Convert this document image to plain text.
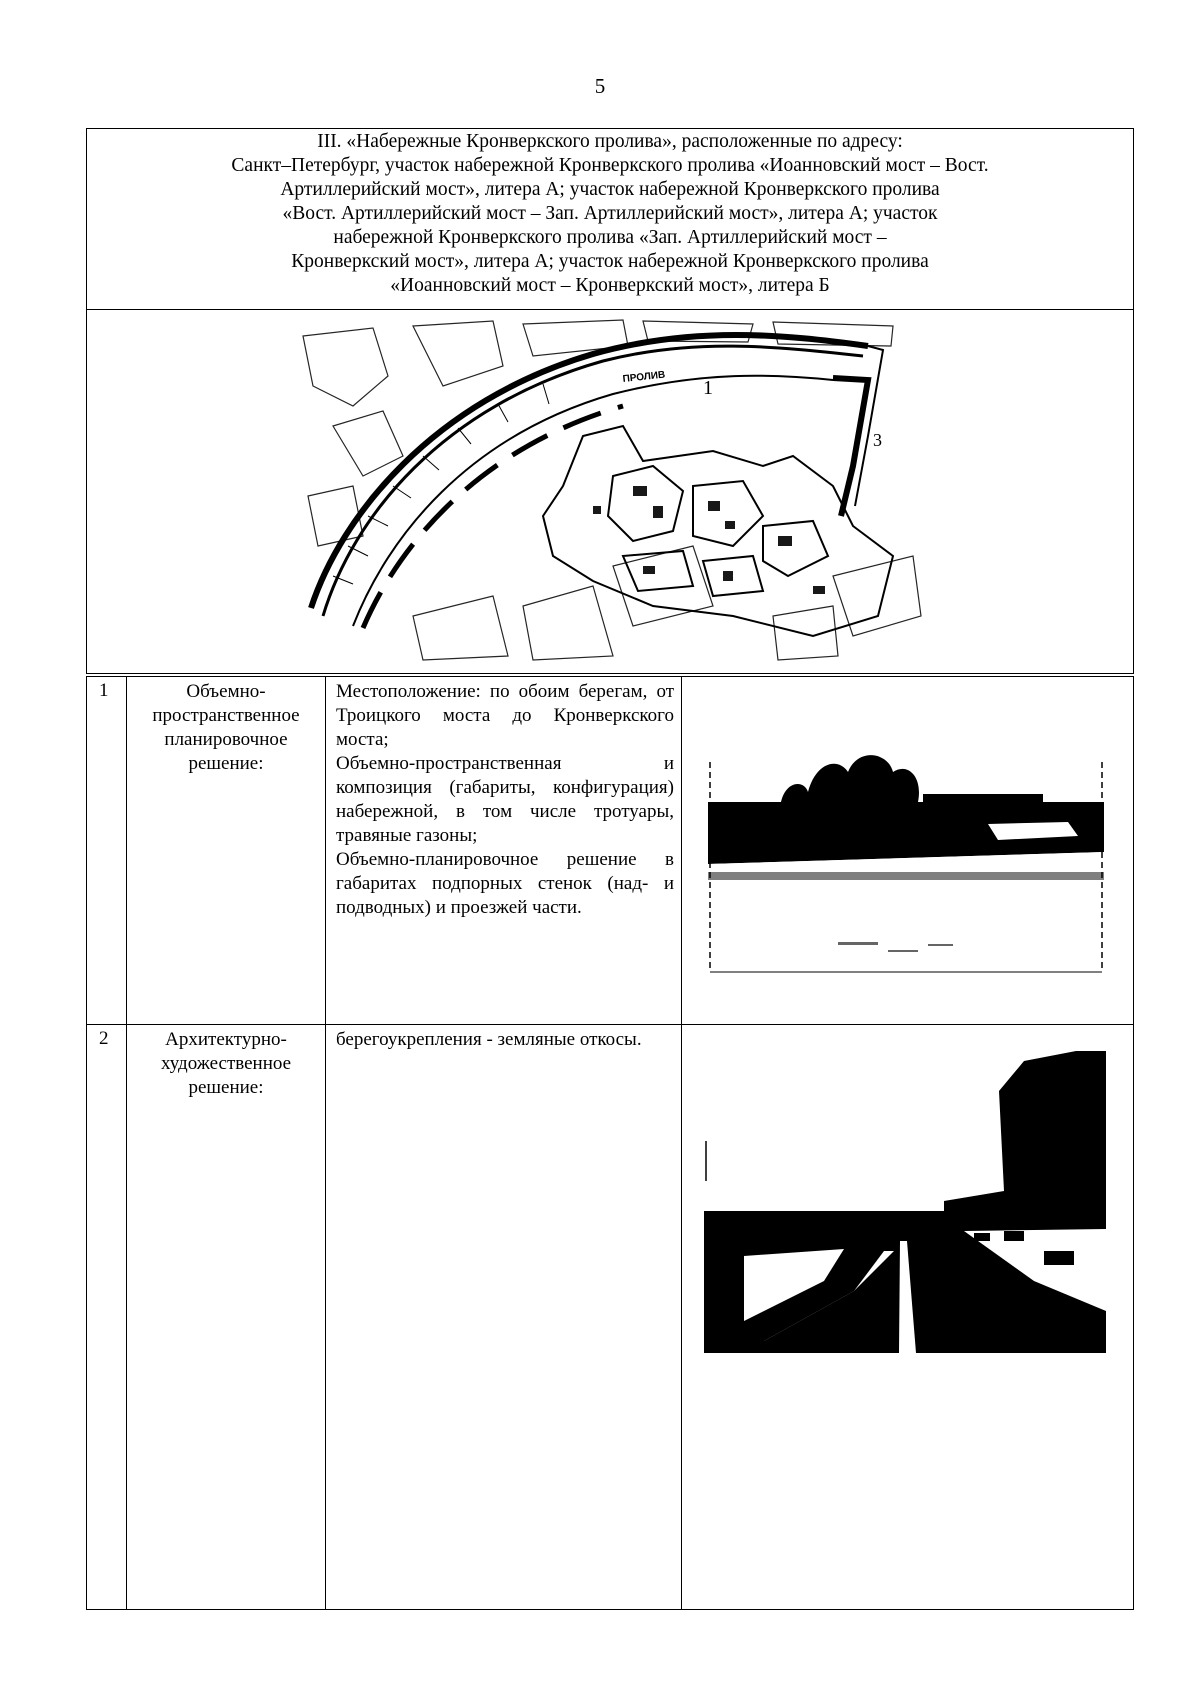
5
III. «Набережные Кронверкского пролива», расположенные по адресу:
Санкт–Петербург, участок набережной Кронверкского пролива «Иоанновский мост – Вост.
Артиллерийский мост», литера А; участок набережной Кронверкского пролива
«Вост. Артиллерийский мост – Зап. Артиллерийский мост», литера А; участок
набережной Кронверкского пролива «Зап. Артиллерийский мост –
Кронверкский мост», литера А; участок набережной Кронверкского пролива
«Иоанновский мост – Кронверкский мост», литера Б
ПРОЛИВ 1
3
1	Объемно-
пространственное
планировочное
решение:

Местоположение: по обоим берегам, от Троицкого моста до Кронверкского моста;

Объемно-пространственная и композиция (габариты, конфигурация) набережной, в том числе тротуары, травяные газоны;

Объемно-планировочное решение в габаритах подпорных стенок (над- и подводных) и проезжей части.

2	Архитектурно-
художественное
решение:

берегоукрепления - земляные откосы.
